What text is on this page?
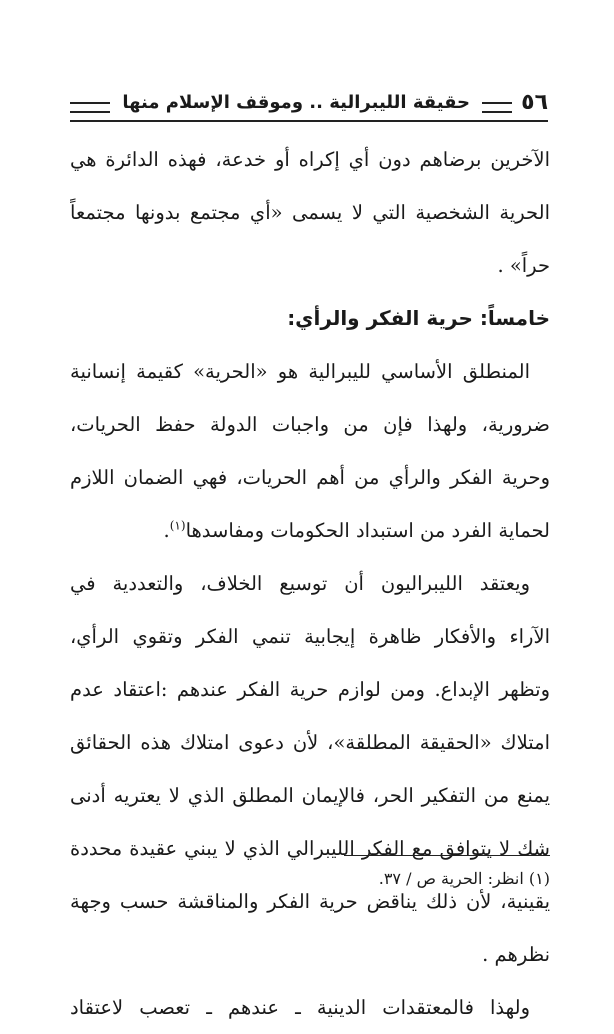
٥٦
حقيقة الليبرالية .. وموقف الإسلام منها
الآخرين برضاهم دون أي إكراه أو خدعة، فهذه الدائرة هي
الحرية الشخصية التي لا يسمى «أي مجتمع بدونها مجتمعاً
حراً» .
خامساً: حرية الفكر والرأي:
المنطلق الأساسي لليبرالية هو «الحرية» كقيمة إنسانية
ضرورية، ولهذا فإن من واجبات الدولة حفظ الحريات،
وحرية الفكر والرأي من أهم الحريات، فهي الضمان اللازم
لحماية الفرد من استبداد الحكومات ومفاسدها$^{(١)}$.
ويعتقد الليبراليون أن توسيع الخلاف، والتعددية في
الآراء والأفكار ظاهرة إيجابية تنمي الفكر وتقوي الرأي،
وتظهر الإبداع. ومن لوازم حرية الفكر عندهم :اعتقاد عدم
امتلاك «الحقيقة المطلقة»، لأن دعوى امتلاك هذه الحقائق
يمنع من التفكير الحر، فالإيمان المطلق الذي لا يعتريه أدنى
شك لا يتوافق مع الفكر الليبرالي الذي لا يبني عقيدة محددة
يقينية، لأن ذلك يناقض حرية الفكر والمناقشة حسب وجهة
نظرهم .
ولهذا فالمعتقدات الدينية ـ عندهم ـ تعصب لاعتقاد
(١) انظر: الحرية ص / ٣٧.
